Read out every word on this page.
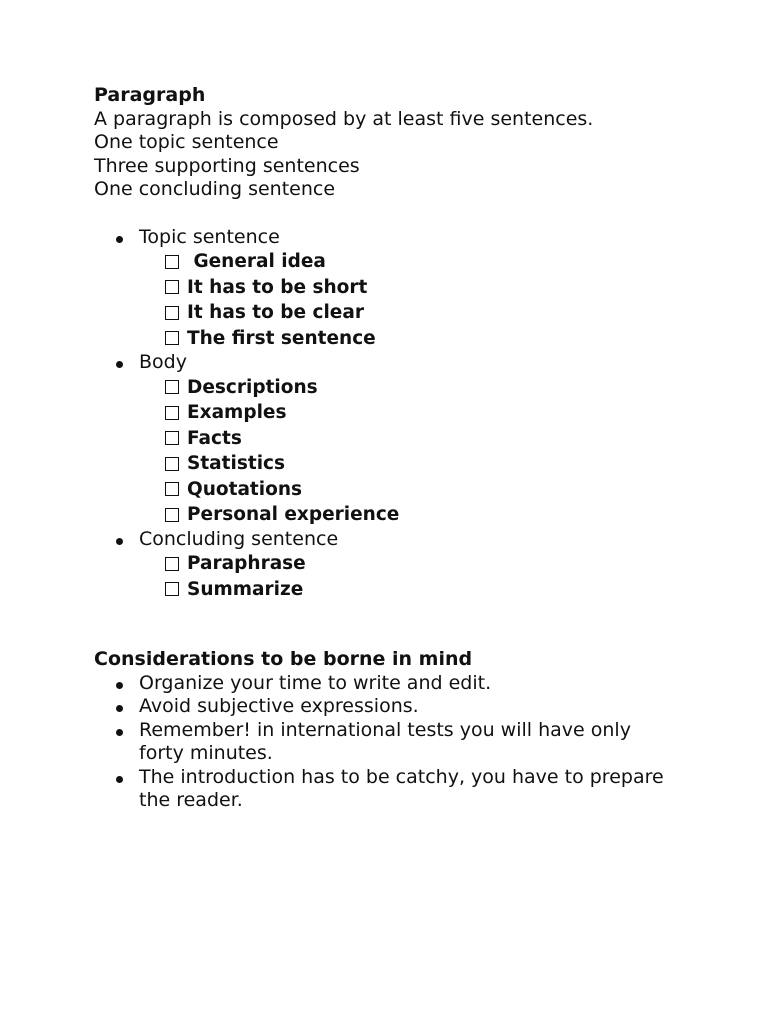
Paragraph
A paragraph is composed by at least five sentences.
One topic sentence
Three supporting sentences
One concluding sentence
Topic sentence
General idea
It has to be short
It has to be clear
The first sentence
Body
Descriptions
Examples
Facts
Statistics
Quotations
Personal experience
Concluding sentence
Paraphrase
Summarize
Considerations to be borne in mind
Organize your time to write and edit.
Avoid subjective expressions.
Remember! in international tests you will have only forty minutes.
The introduction has to be catchy, you have to prepare the reader.
